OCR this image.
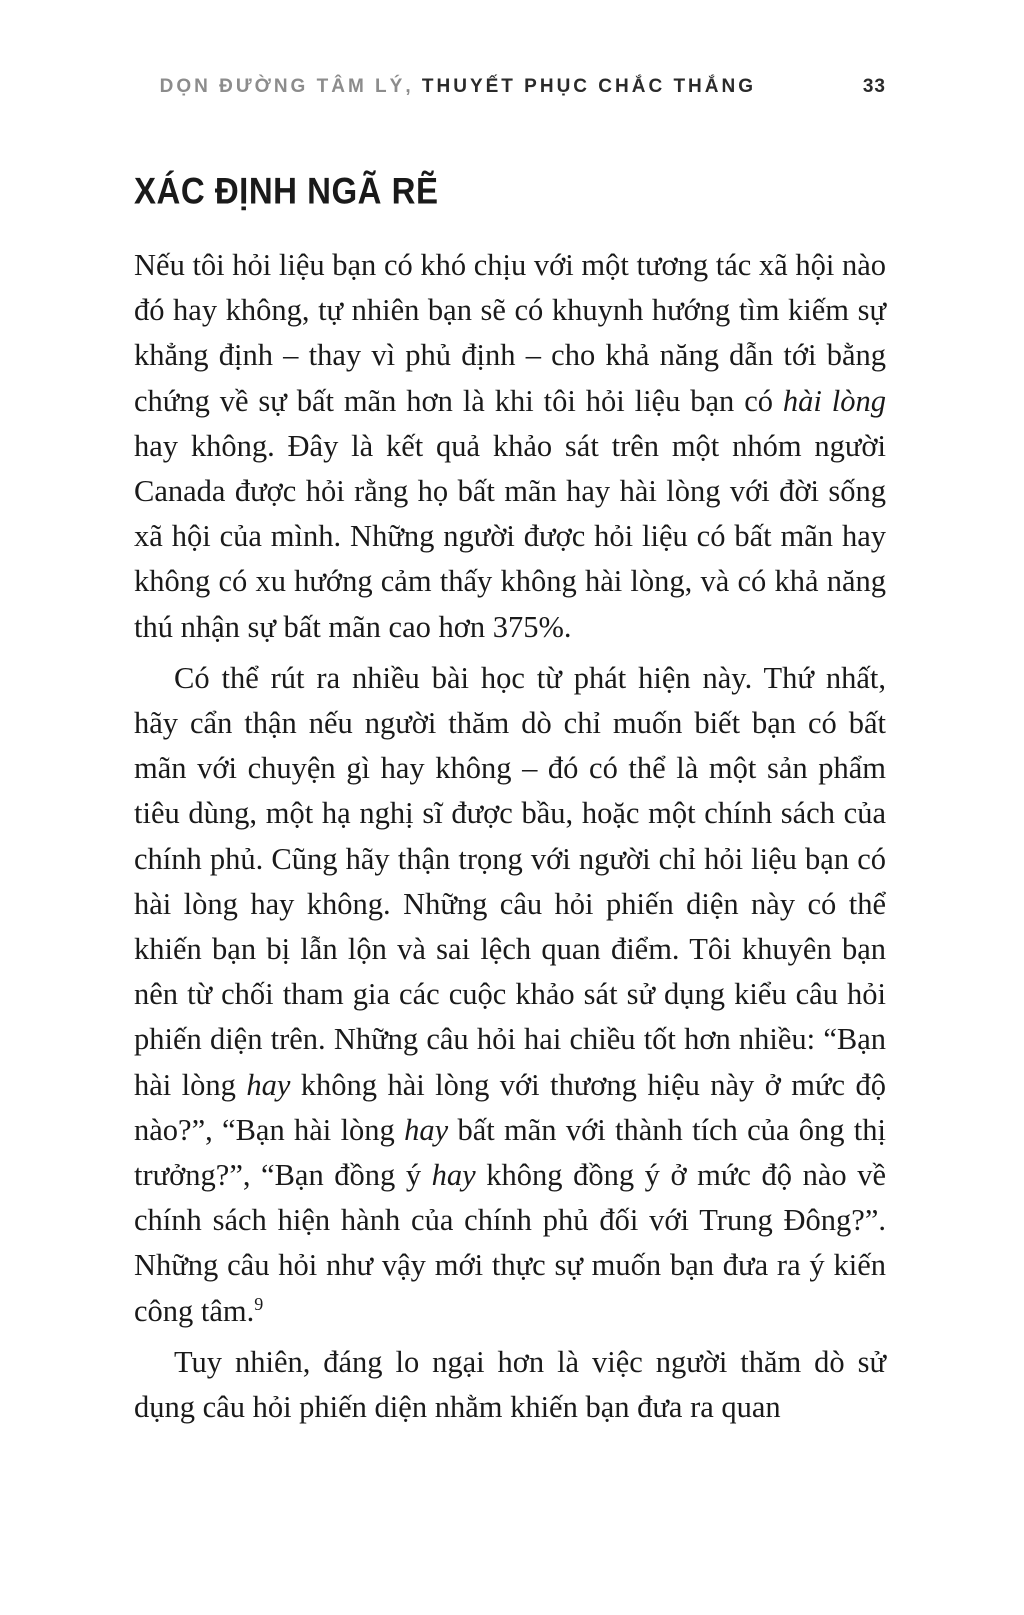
DỌN ĐƯỜNG TÂM LÝ, THUYẾT PHỤC CHẮC THẮNG	33
XÁC ĐỊNH NGÃ RẼ

Nếu tôi hỏi liệu bạn có khó chịu với một tương tác xã hội nào đó hay không, tự nhiên bạn sẽ có khuynh hướng tìm kiếm sự khẳng định – thay vì phủ định – cho khả năng dẫn tới bằng chứng về sự bất mãn hơn là khi tôi hỏi liệu bạn có hài lòng hay không. Đây là kết quả khảo sát trên một nhóm người Canada được hỏi rằng họ bất mãn hay hài lòng với đời sống xã hội của mình. Những người được hỏi liệu có bất mãn hay không có xu hướng cảm thấy không hài lòng, và có khả năng thú nhận sự bất mãn cao hơn 375%.

Có thể rút ra nhiều bài học từ phát hiện này. Thứ nhất, hãy cẩn thận nếu người thăm dò chỉ muốn biết bạn có bất mãn với chuyện gì hay không – đó có thể là một sản phẩm tiêu dùng, một hạ nghị sĩ được bầu, hoặc một chính sách của chính phủ. Cũng hãy thận trọng với người chỉ hỏi liệu bạn có hài lòng hay không. Những câu hỏi phiến diện này có thể khiến bạn bị lẫn lộn và sai lệch quan điểm. Tôi khuyên bạn nên từ chối tham gia các cuộc khảo sát sử dụng kiểu câu hỏi phiến diện trên. Những câu hỏi hai chiều tốt hơn nhiều: “Bạn hài lòng hay không hài lòng với thương hiệu này ở mức độ nào?”, “Bạn hài lòng hay bất mãn với thành tích của ông thị trưởng?”, “Bạn đồng ý hay không đồng ý ở mức độ nào về chính sách hiện hành của chính phủ đối với Trung Đông?”. Những câu hỏi như vậy mới thực sự muốn bạn đưa ra ý kiến công tâm.$^9$

Tuy nhiên, đáng lo ngại hơn là việc người thăm dò sử dụng câu hỏi phiến diện nhằm khiến bạn đưa ra quan
